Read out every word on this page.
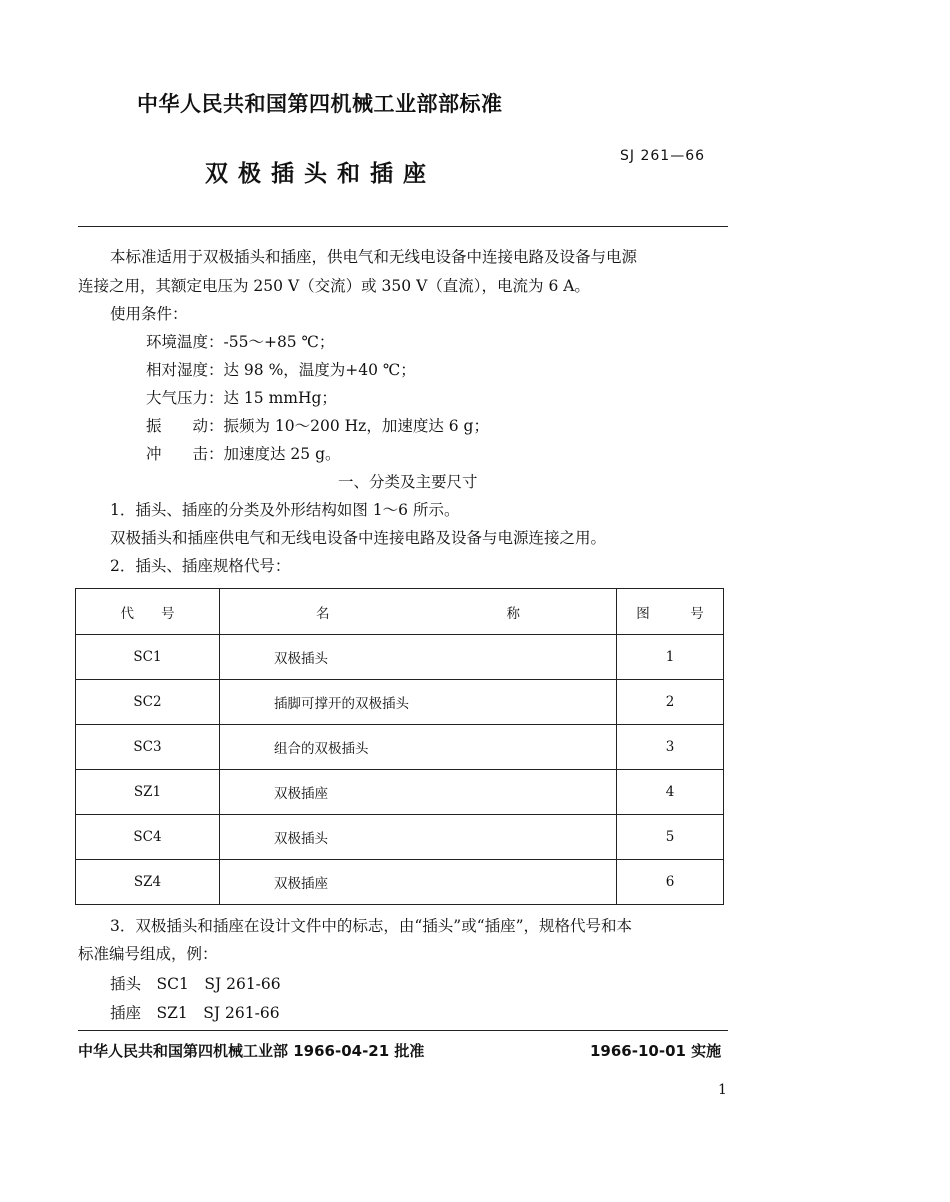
中华人民共和国第四机械工业部部标准
双极插头和插座
SJ 261—66
本标准适用于双极插头和插座，供电气和无线电设备中连接电路及设备与电源
连接之用，其额定电压为 250 V（交流）或 350 V（直流），电流为 6 A。
使用条件：
环境温度：-55～+85 ℃；
相对湿度：达 98 %，温度为+40 ℃；
大气压力：达 15 mmHg；
振　　动：振频为 10～200 Hz，加速度达 6 g；
冲　　击：加速度达 25 g。
一、分类及主要尺寸
1．插头、插座的分类及外形结构如图 1～6 所示。
双极插头和插座供电气和无线电设备中连接电路及设备与电源连接之用。
2．插头、插座规格代号：
代   号	名 称	图    号
SC1	双极插头	1
SC2	插脚可撑开的双极插头	2
SC3	组合的双极插头	3
SZ1	双极插座	4
SC4	双极插头	5
SZ4	双极插座	6
3．双极插头和插座在设计文件中的标志，由“插头”或“插座”，规格代号和本
标准编号组成，例：
插头　SC1　SJ 261-66
插座　SZ1　SJ 261-66
中华人民共和国第四机械工业部 1966-04-21 批准	1966-10-01 实施
1
